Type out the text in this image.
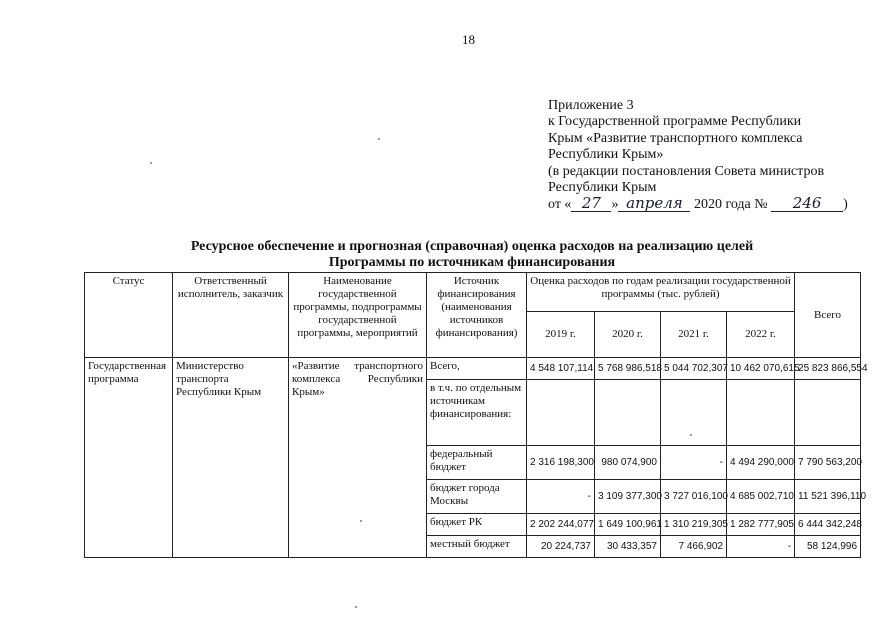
18
Приложение 3
к Государственной программе Республики
Крым «Развитие транспортного комплекса
Республики Крым»
(в редакции постановления Совета министров
Республики Крым
от « 27 » апреля 2020 года № 246 )
Ресурсное обеспечение и прогнозная (справочная) оценка расходов на реализацию целей
Программы по источникам финансирования
Статус	Ответственный исполнитель, заказчик	Наименование государственной программы, подпрограммы государственной программы, мероприятий	Источник финансирования (наименования источников финансирования)	Оценка расходов по годам реализации государственной программы (тыс. рублей)				Всего
				2019 г.	2020 г.	2021 г.	2022 г.	
Государственная программа	Министерство транспорта Республики Крым	«Развитие транспортного комплекса Республики Крым»	Всего,	4 548 107,114	5 768 986,518	5 044 702,307	10 462 070,615	25 823 866,554
			в т.ч. по отдельным источникам финансирования:					
			федеральный бюджет	2 316 198,300	980 074,900	-	4 494 290,000	7 790 563,200
			бюджет города Москвы	-	3 109 377,300	3 727 016,100	4 685 002,710	11 521 396,110
			бюджет РК	2 202 244,077	1 649 100,961	1 310 219,305	1 282 777,905	6 444 342,248
			местный бюджет	20 224,737	30 433,357	7 466,902	-	58 124,996
